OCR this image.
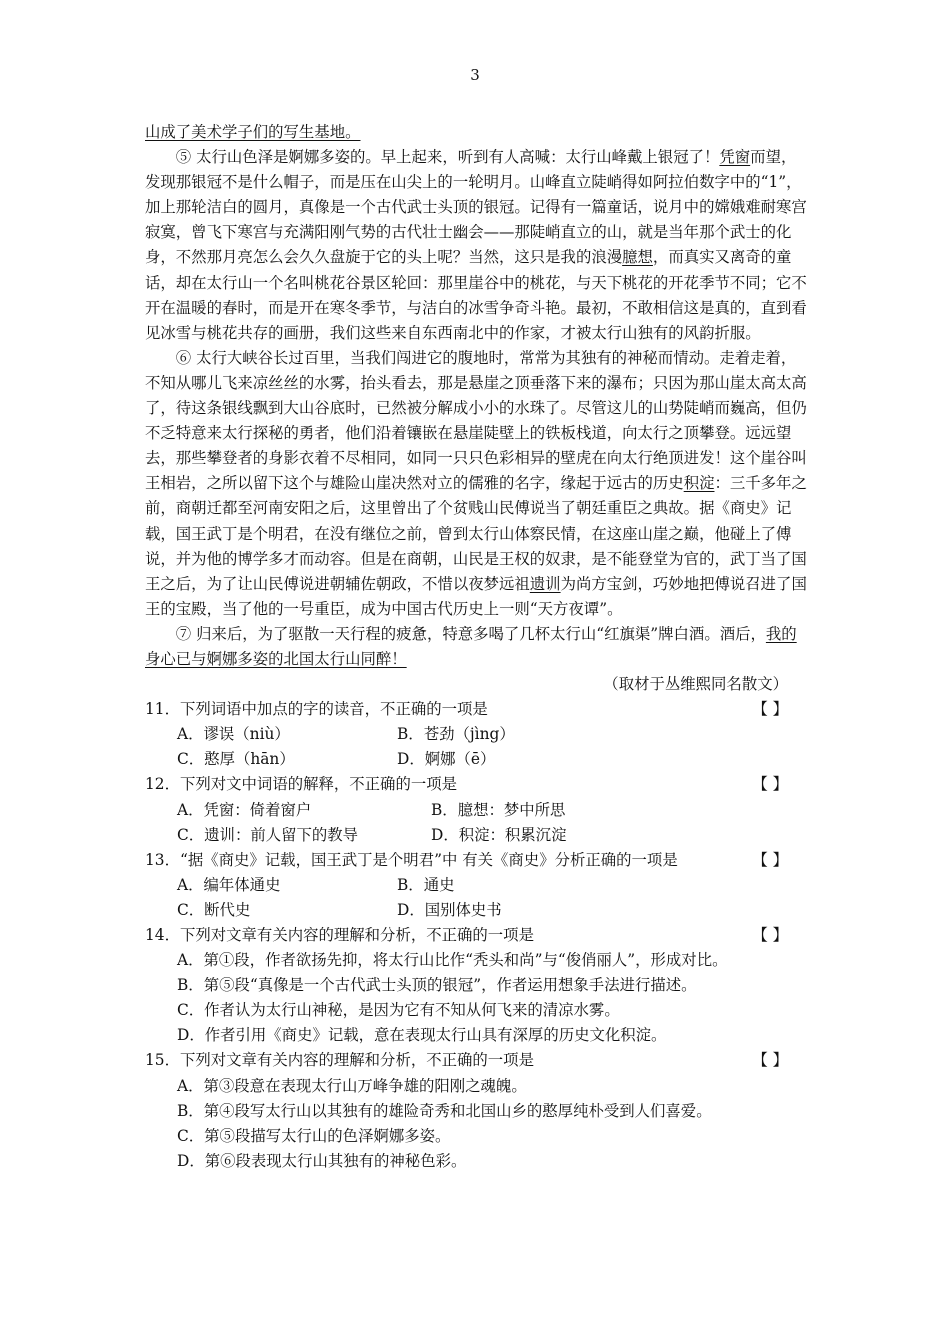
3

山成了美术学子们的写生基地。

⑤ 太行山色泽是婀娜多姿的。早上起来，听到有人高喊：太行山峰戴上银冠了！凭窗而望，发现那银冠不是什么帽子，而是压在山尖上的一轮明月。山峰直立陡峭得如阿拉伯数字中的“1”，加上那轮洁白的圆月，真像是一个古代武士头顶的银冠。记得有一篇童话，说月中的嫦娥难耐寒宫寂寞，曾飞下寒宫与充满阳刚气势的古代壮士幽会——那陡峭直立的山，就是当年那个武士的化身，不然那月亮怎么会久久盘旋于它的头上呢？当然，这只是我的浪漫臆想，而真实又离奇的童话，却在太行山一个名叫桃花谷景区轮回：那里崖谷中的桃花，与天下桃花的开花季节不同；它不开在温暖的春时，而是开在寒冬季节，与洁白的冰雪争奇斗艳。最初，不敢相信这是真的，直到看见冰雪与桃花共存的画册，我们这些来自东西南北中的作家，才被太行山独有的风韵折服。

⑥ 太行大峡谷长过百里，当我们闯进它的腹地时，常常为其独有的神秘而情动。走着走着，不知从哪儿飞来凉丝丝的水雾，抬头看去，那是悬崖之顶垂落下来的瀑布；只因为那山崖太高太高了，待这条银线飘到大山谷底时，已然被分解成小小的水珠了。尽管这儿的山势陡峭而巍高，但仍不乏特意来太行探秘的勇者，他们沿着镶嵌在悬崖陡壁上的铁板栈道，向太行之顶攀登。远远望去，那些攀登者的身影衣着不尽相同，如同一只只色彩相异的壁虎在向太行绝顶进发！这个崖谷叫王相岩，之所以留下这个与雄险山崖决然对立的儒雅的名字，缘起于远古的历史积淀：三千多年之前，商朝迁都至河南安阳之后，这里曾出了个贫贱山民傅说当了朝廷重臣之典故。据《商史》记载，国王武丁是个明君，在没有继位之前，曾到太行山体察民情，在这座山崖之巅，他碰上了傅说，并为他的博学多才而动容。但是在商朝，山民是王权的奴隶，是不能登堂为官的，武丁当了国王之后，为了让山民傅说进朝辅佐朝政，不惜以夜梦远祖遗训为尚方宝剑，巧妙地把傅说召进了国王的宝殿，当了他的一号重臣，成为中国古代历史上一则“天方夜谭”。

⑦ 归来后，为了驱散一天行程的疲惫，特意多喝了几杯太行山“红旗渠”牌白酒。酒后，我的身心已与婀娜多姿的北国太行山同醉！

（取材于丛维熙同名散文）

11．下列词语中加点的字的读音，不正确的一项是	【 】
A．谬误（niù）	B．苍劲（jìng）
C．憨厚（hān）	D．婀娜（ē）

12．下列对文中词语的解释，不正确的一项是	【 】
A．凭窗：倚着窗户	B．臆想：梦中所思
C．遗训：前人留下的教导	D．积淀：积累沉淀

13．“据《商史》记载，国王武丁是个明君”中 有关《商史》分析正确的一项是	【 】
A．编年体通史	B．通史
C．断代史	D．国别体史书

14．下列对文章有关内容的理解和分析，不正确的一项是	【 】

A．第①段，作者欲扬先抑，将太行山比作“秃头和尚”与“俊俏丽人”，形成对比。

B．第⑤段“真像是一个古代武士头顶的银冠”，作者运用想象手法进行描述。

C．作者认为太行山神秘，是因为它有不知从何飞来的清凉水雾。

D．作者引用《商史》记载，意在表现太行山具有深厚的历史文化积淀。

15．下列对文章有关内容的理解和分析，不正确的一项是	【 】

A．第③段意在表现太行山万峰争雄的阳刚之魂魄。

B．第④段写太行山以其独有的雄险奇秀和北国山乡的憨厚纯朴受到人们喜爱。

C．第⑤段描写太行山的色泽婀娜多姿。

D．第⑥段表现太行山其独有的神秘色彩。
